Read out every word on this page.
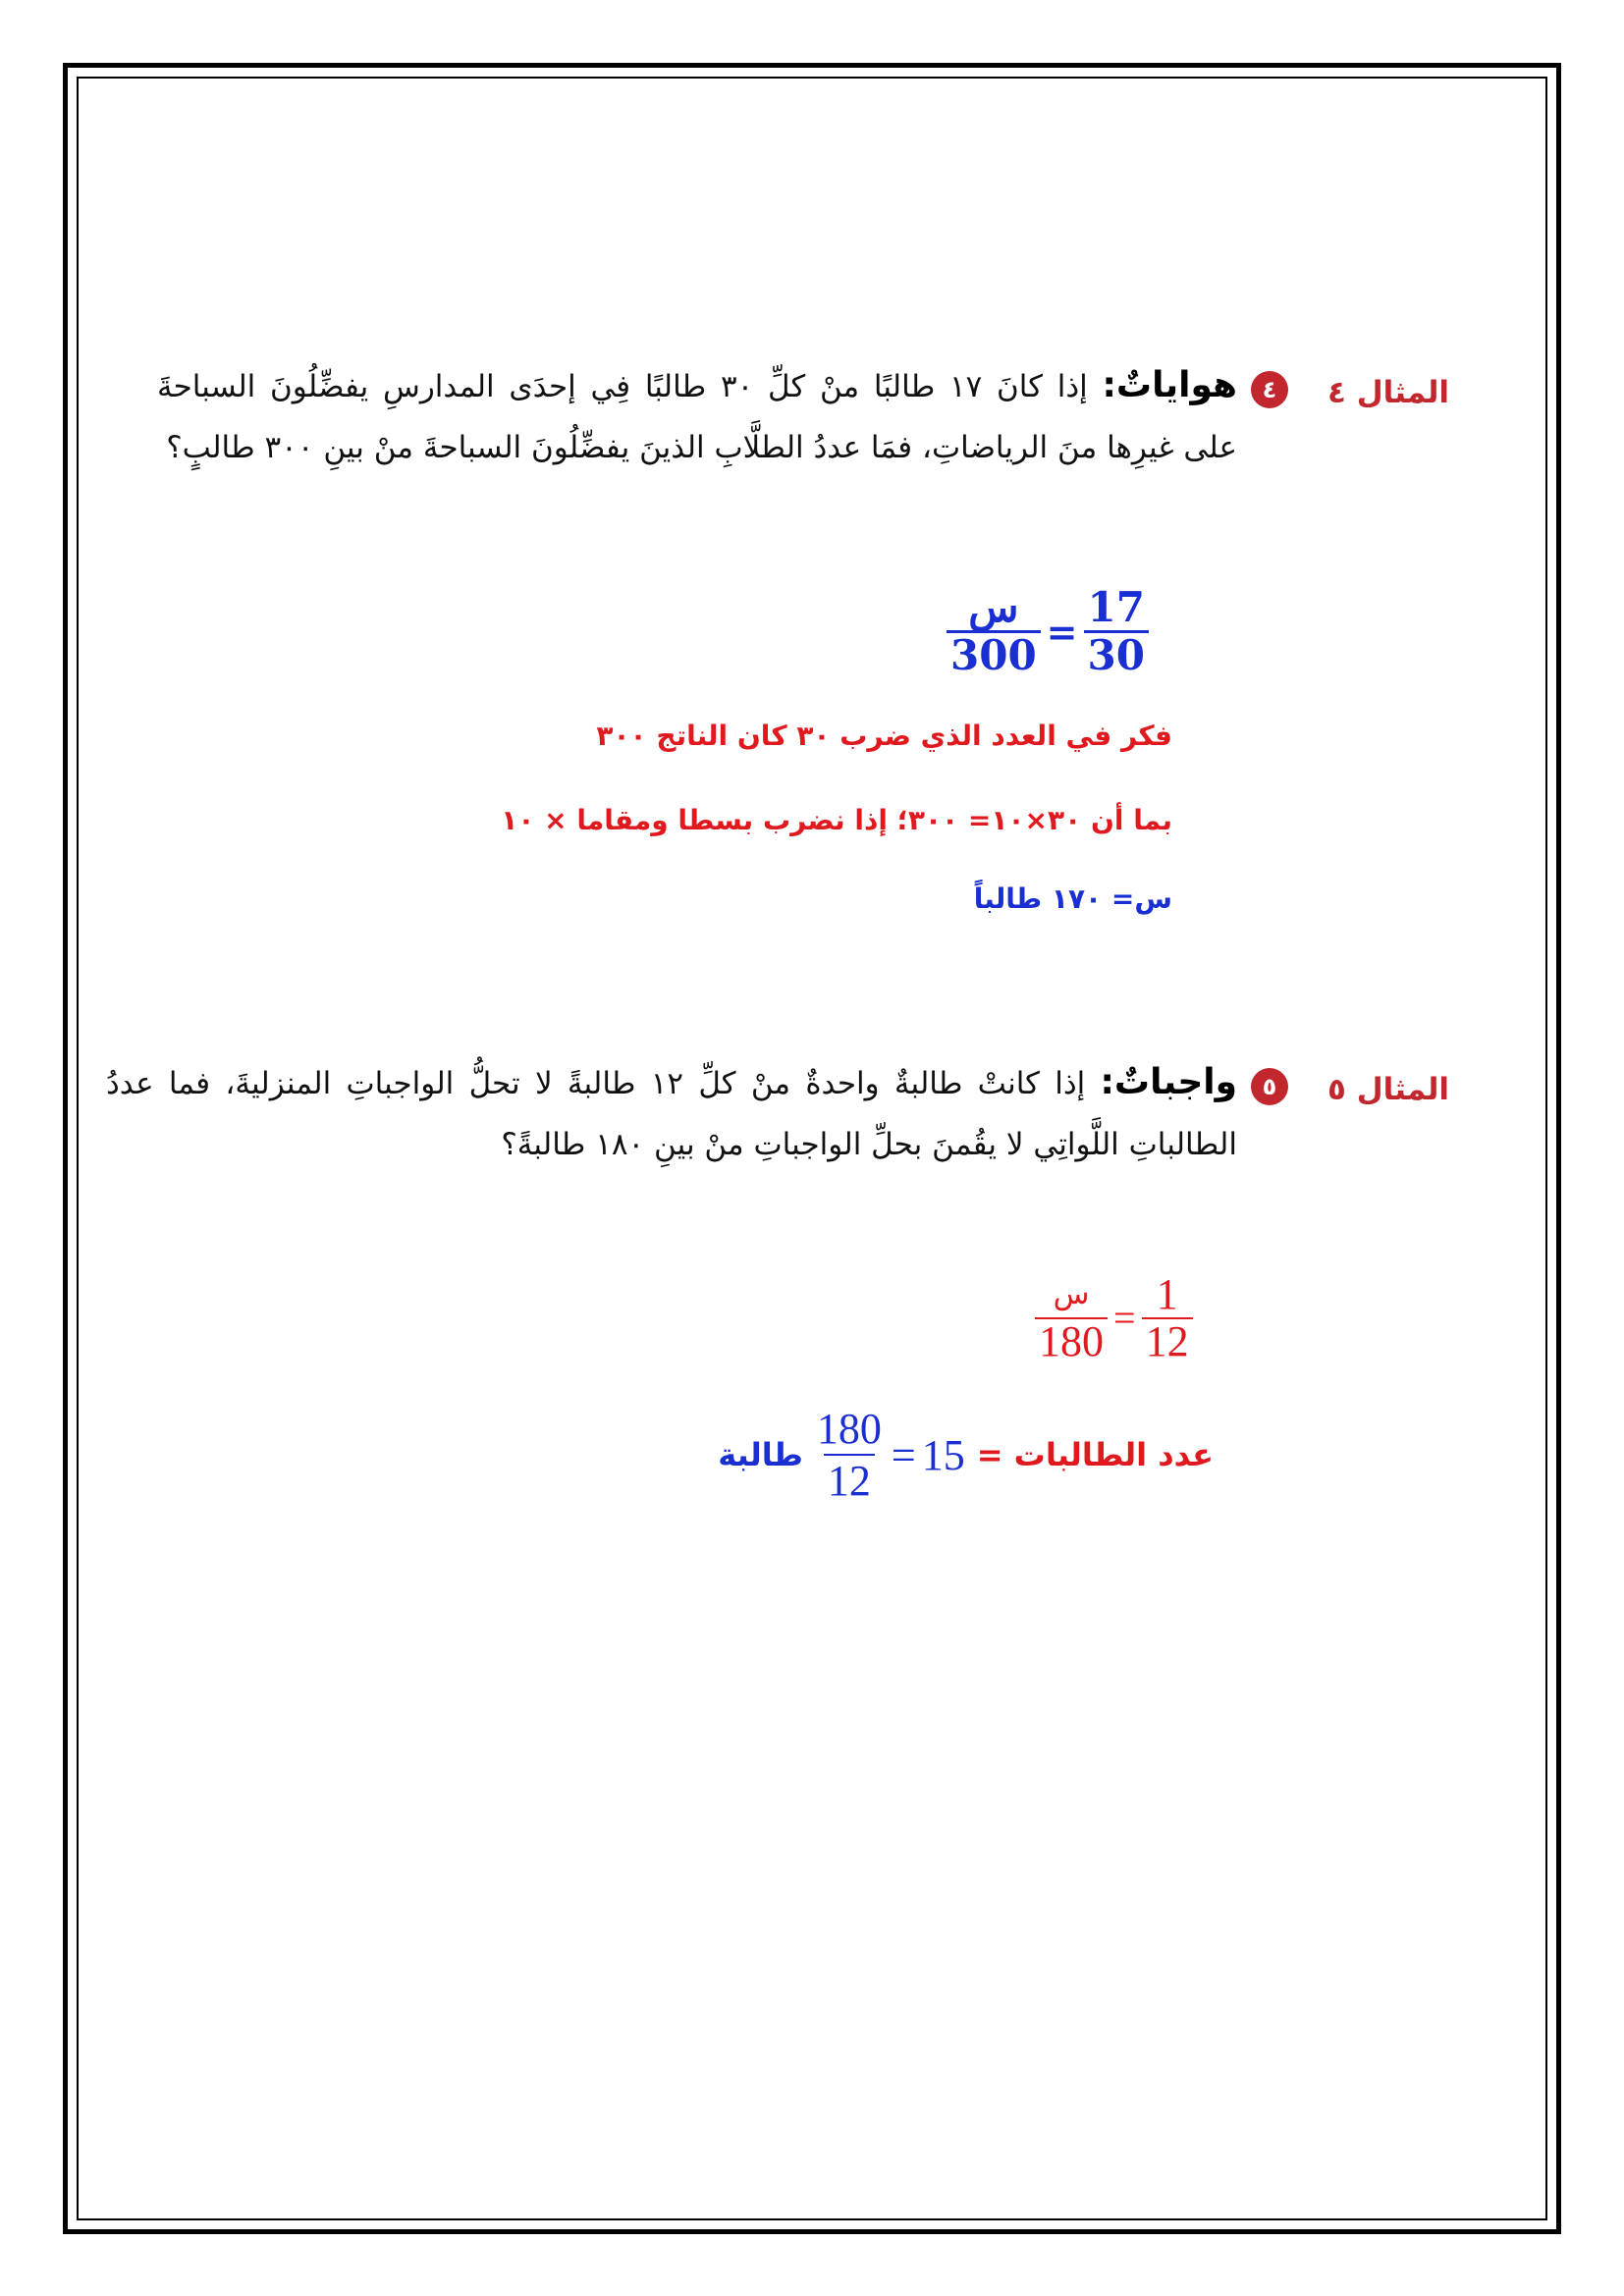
المثال ٤
٤
هواياتٌ: إذا كانَ ١٧ طالبًا منْ كلِّ ٣٠ طالبًا فِي إحدَى المدارسِ يفضِّلُونَ السباحةَ على غيرِها منَ الرياضاتِ، فمَا عددُ الطلَّابِ الذينَ يفضِّلُونَ السباحةَ منْ بينِ ٣٠٠ طالبٍ؟
$\frac{\text{س}}{300} = \frac{17}{30}$
فكر في العدد الذي ضرب ٣٠ كان الناتج ٣٠٠
بما أن ٣٠×١٠= ٣٠٠؛ إذا نضرب بسطا ومقاما × ١٠
س= ١٧٠ طالباً
المثال ٥
٥
واجباتٌ: إذا كانتْ طالبةٌ واحدةٌ منْ كلِّ ١٢ طالبةً لا تحلُّ الواجباتِ المنزليةَ، فما عددُ الطالباتِ اللَّواتِي لا يقُمنَ بحلِّ الواجباتِ منْ بينِ ١٨٠ طالبةً؟
$\frac{\text{س}}{180} = \frac{1}{12}$
عدد الطالبات =
$\frac{180}{12} = 15$
طالبة
